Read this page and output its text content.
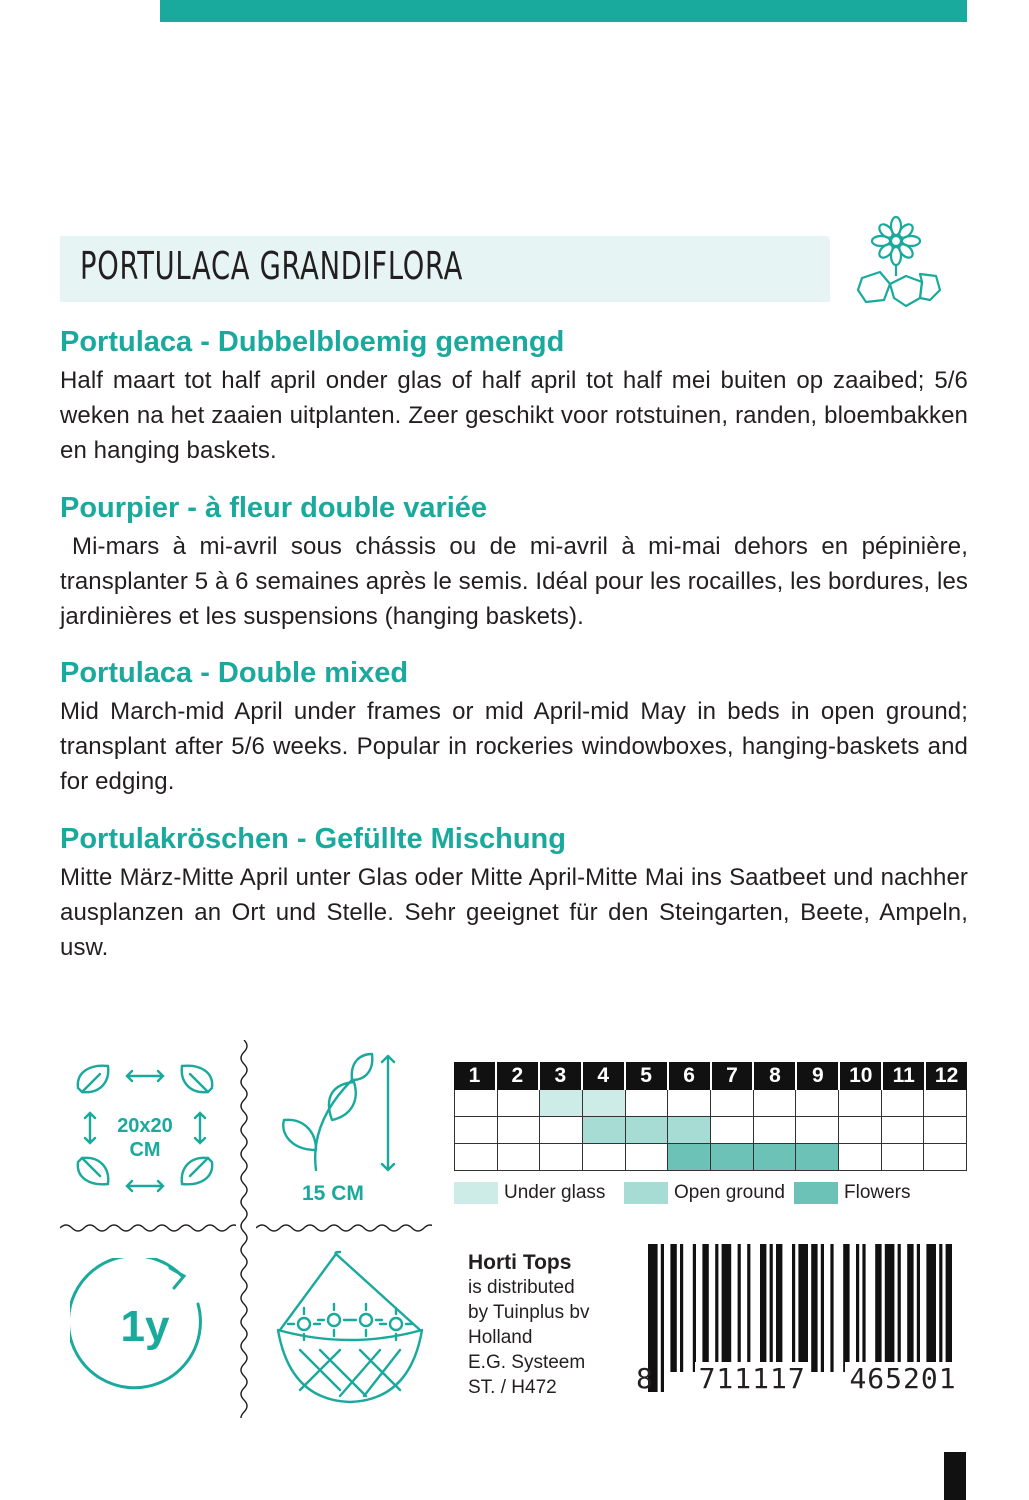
PORTULACA GRANDIFLORA
Portulaca - Dubbelbloemig gemengd

Half maart tot half april onder glas of half april tot half mei buiten op zaaibed; 5/6 weken na het zaaien uitplanten. Zeer geschikt voor rotstuinen, randen, bloembakken en hanging baskets.

Pourpier - à fleur double variée

Mi-mars à mi-avril sous chássis ou de mi-avril à mi-mai dehors en pépinière, transplanter 5 à 6 semaines après le semis. Idéal pour les rocailles, les bordures, les jardinières et les suspensions (hanging baskets).

Portulaca - Double mixed

Mid March-mid April under frames or mid April-mid May in beds in open ground; transplant after 5/6 weeks. Popular in rockeries windowboxes, hanging-baskets and for edging.

Portulakröschen - Gefüllte Mischung

Mitte März-Mitte April unter Glas oder Mitte April-Mitte Mai ins Saatbeet und nachher ausplanzen an Ort und Stelle. Sehr geeignet für den Steingarten, Beete, Ampeln, usw.

20x20
CM
15 CM
1y
1	2	3	4	5	6	7	8	9	10 11 12
Under glass	Open ground	Flowers
Horti Tops
is distributed
by Tuinplus bv
Holland
E.G. Systeem
ST. / H472	8 711117 465201
